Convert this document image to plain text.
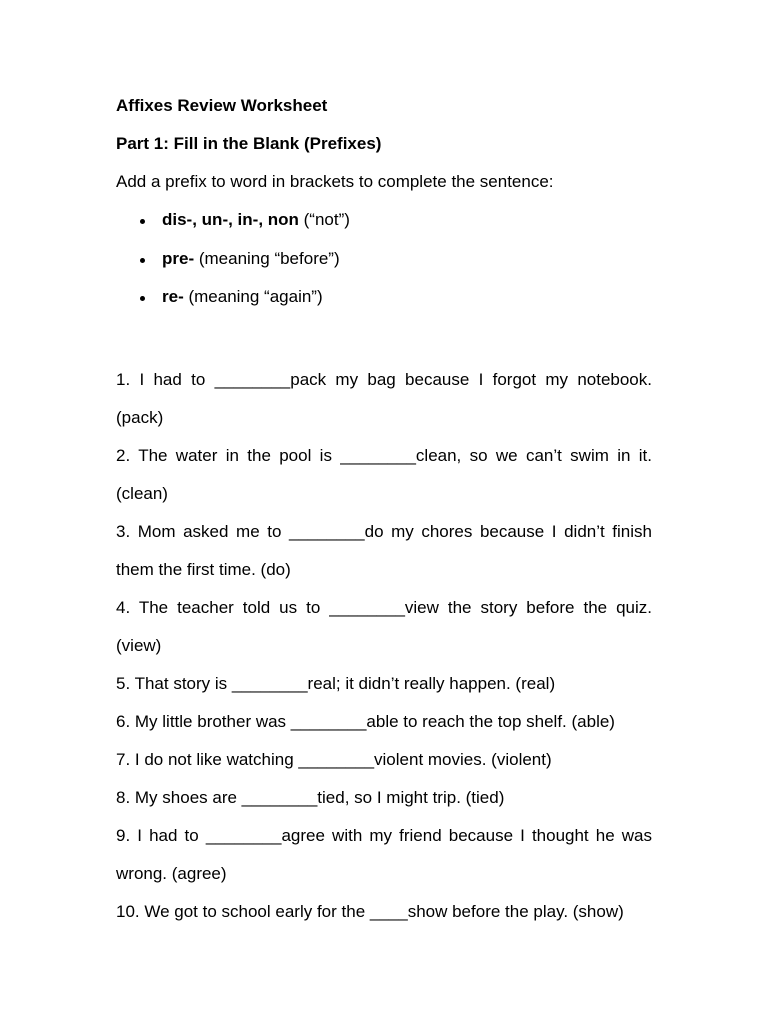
Affixes Review Worksheet
Part 1: Fill in the Blank (Prefixes)
Add a prefix to word in brackets to complete the sentence:
dis-, un-, in-, non (“not”)
pre- (meaning “before”)
re- (meaning “again”)
1. I had to ________pack my bag because I forgot my notebook. (pack)
2. The water in the pool is ________clean, so we can’t swim in it. (clean)
3. Mom asked me to ________do my chores because I didn’t finish them the first time. (do)
4. The teacher told us to ________view the story before the quiz. (view)
5. That story is ________real; it didn’t really happen. (real)
6. My little brother was ________able to reach the top shelf. (able)
7. I do not like watching ________violent movies. (violent)
8. My shoes are ________tied, so I might trip. (tied)
9. I had to ________agree with my friend because I thought he was wrong. (agree)
10. We got to school early for the ____show before the play. (show)
